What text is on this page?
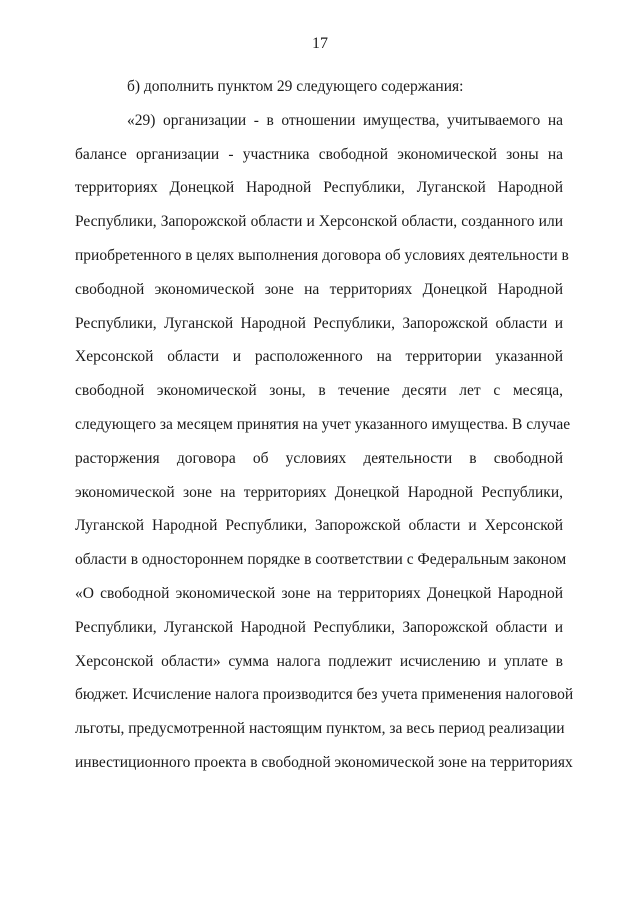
17
б) дополнить пунктом 29 следующего содержания:
«29) организации - в отношении имущества, учитываемого на
балансе организации - участника свободной экономической зоны на
территориях Донецкой Народной Республики, Луганской Народной
Республики, Запорожской области и Херсонской области, созданного или
приобретенного в целях выполнения договора об условиях деятельности в
свободной экономической зоне на территориях Донецкой Народной
Республики, Луганской Народной Республики, Запорожской области и
Херсонской области и расположенного на территории указанной
свободной экономической зоны, в течение десяти лет с месяца,
следующего за месяцем принятия на учет указанного имущества. В случае
расторжения договора об условиях деятельности в свободной
экономической зоне на территориях Донецкой Народной Республики,
Луганской Народной Республики, Запорожской области и Херсонской
области в одностороннем порядке в соответствии с Федеральным законом
«О свободной экономической зоне на территориях Донецкой Народной
Республики, Луганской Народной Республики, Запорожской области и
Херсонской области» сумма налога подлежит исчислению и уплате в
бюджет. Исчисление налога производится без учета применения налоговой
льготы, предусмотренной настоящим пунктом, за весь период реализации
инвестиционного проекта в свободной экономической зоне на территориях
